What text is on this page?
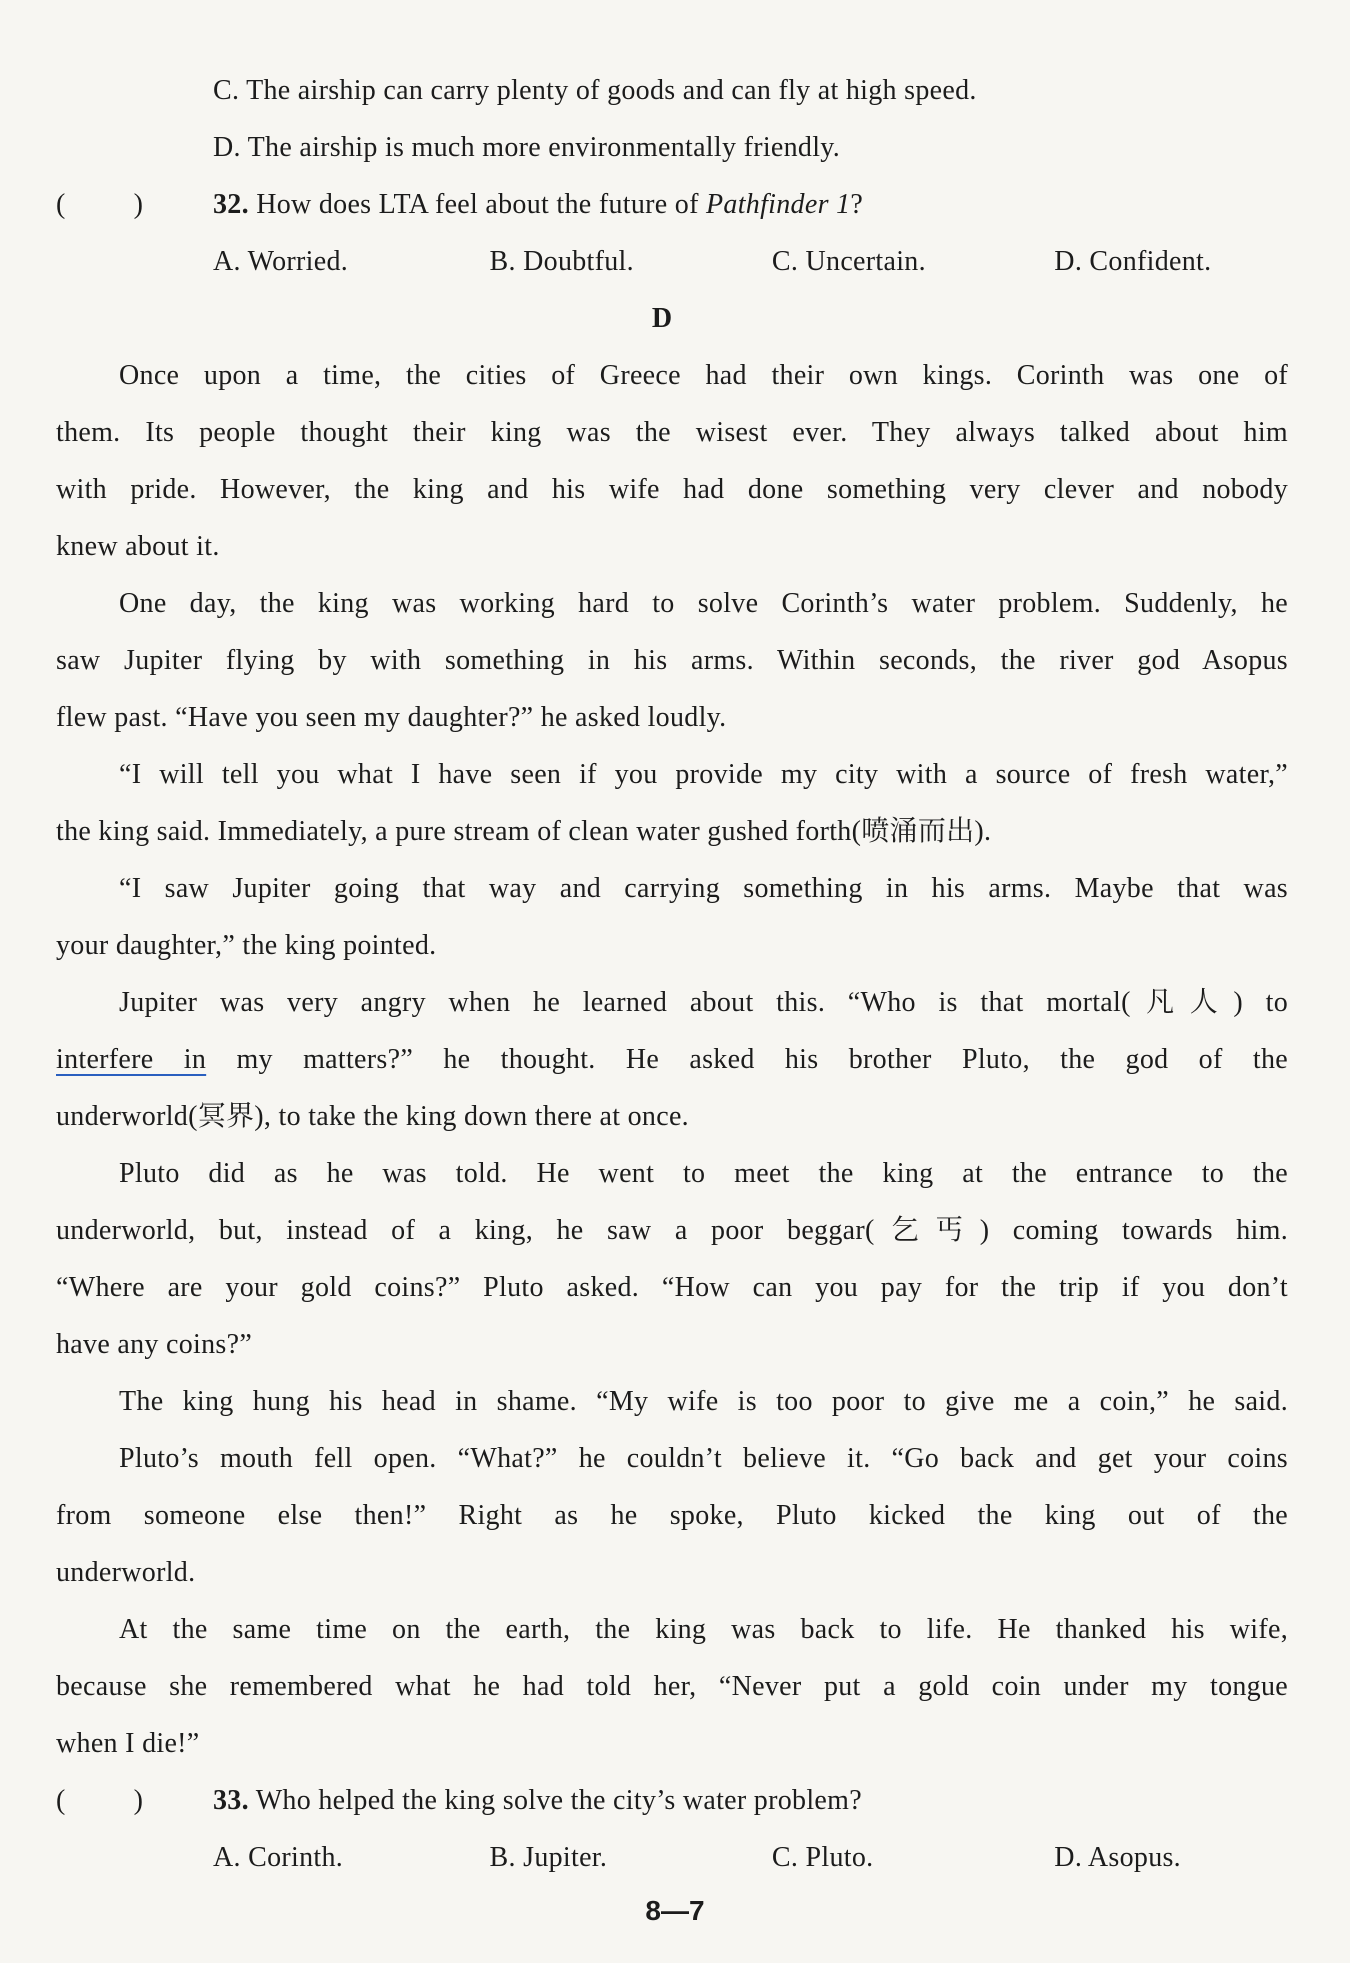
C. The airship can carry plenty of goods and can fly at high speed.
D. The airship is much more environmentally friendly.
( ) 32. How does LTA feel about the future of Pathfinder 1?
A. Worried.	B. Doubtful.	C. Uncertain.	D. Confident.
D
Once upon a time, the cities of Greece had their own kings. Corinth was one of
them. Its people thought their king was the wisest ever. They always talked about him
with pride. However, the king and his wife had done something very clever and nobody
knew about it.
One day, the king was working hard to solve Corinth’s water problem. Suddenly, he
saw Jupiter flying by with something in his arms. Within seconds, the river god Asopus
flew past. “Have you seen my daughter?” he asked loudly.
“I will tell you what I have seen if you provide my city with a source of fresh water,”
the king said. Immediately, a pure stream of clean water gushed forth(喷涌而出).
“I saw Jupiter going that way and carrying something in his arms. Maybe that was
your daughter,” the king pointed.
Jupiter was very angry when he learned about this. “Who is that mortal(凡人) to
interfere in my matters?” he thought. He asked his brother Pluto, the god of the
underworld(冥界), to take the king down there at once.
Pluto did as he was told. He went to meet the king at the entrance to the
underworld, but, instead of a king, he saw a poor beggar(乞丐) coming towards him.
“Where are your gold coins?” Pluto asked. “How can you pay for the trip if you don’t
have any coins?”
The king hung his head in shame. “My wife is too poor to give me a coin,” he said.
Pluto’s mouth fell open. “What?” he couldn’t believe it. “Go back and get your coins
from someone else then!” Right as he spoke, Pluto kicked the king out of the
underworld.
At the same time on the earth, the king was back to life. He thanked his wife,
because she remembered what he had told her, “Never put a gold coin under my tongue
when I die!”
( ) 33. Who helped the king solve the city’s water problem?
A. Corinth.	B. Jupiter.	C. Pluto.	D. Asopus.
8—7
